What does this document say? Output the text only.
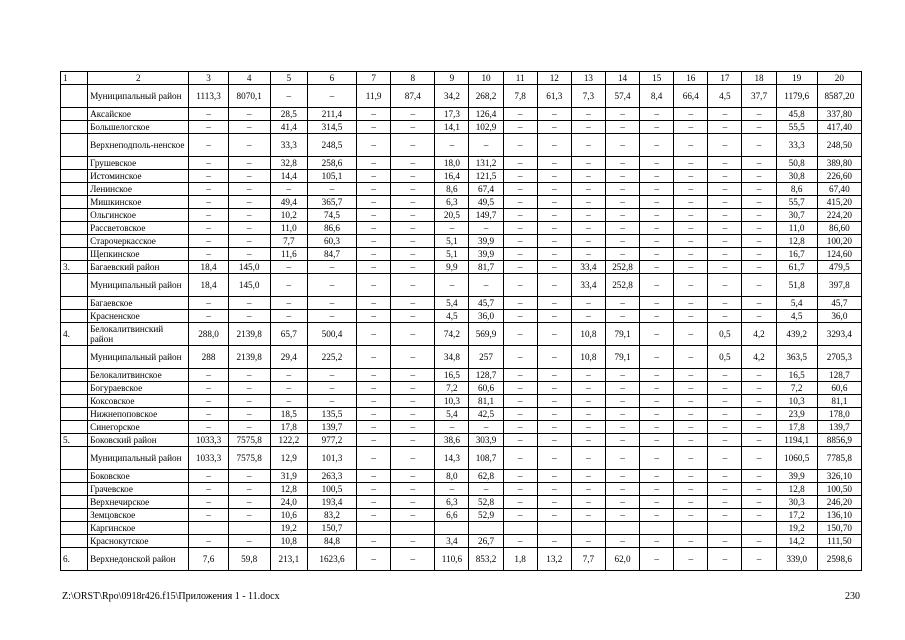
1	2	3	4	5	6	7	8	9	10	11	12	13	14	15	16	17	18	19	20
	Муниципальный район	1113,3	8070,1	–	–	11,9	87,4	34,2	268,2	7,8	61,3	7,3	57,4	8,4	66,4	4,5	37,7	1179,6	8587,20
	Аксайское	–	–	28,5	211,4	–	–	17,3	126,4	–	–	–	–	–	–	–	–	45,8	337,80
	Большелогское	–	–	41,4	314,5	–	–	14,1	102,9	–	–	–	–	–	–	–	–	55,5	417,40
	Верхнеподполь-ненское	–	–	33,3	248,5	–	–	–	–	–	–	–	–	–	–	–	–	33,3	248,50
	Грушевское	–	–	32,8	258,6	–	–	18,0	131,2	–	–	–	–	–	–	–	–	50,8	389,80
	Истоминское	–	–	14,4	105,1	–	–	16,4	121,5	–	–	–	–	–	–	–	–	30,8	226,60
	Ленинское	–	–	–	–	–	–	8,6	67,4	–	–	–	–	–	–	–	–	8,6	67,40
	Мишкинское	–	–	49,4	365,7	–	–	6,3	49,5	–	–	–	–	–	–	–	–	55,7	415,20
	Ольгинское	–	–	10,2	74,5	–	–	20,5	149,7	–	–	–	–	–	–	–	–	30,7	224,20
	Рассветовское	–	–	11,0	86,6	–	–	–	–	–	–	–	–	–	–	–	–	11,0	86,60
	Старочеркасское	–	–	7,7	60,3	–	–	5,1	39,9	–	–	–	–	–	–	–	–	12,8	100,20
	Щепкинское	–	–	11,6	84,7	–	–	5,1	39,9	–	–	–	–	–	–	–	–	16,7	124,60
3.	Багаевский район	18,4	145,0	–	–	–	–	9,9	81,7	–	–	33,4	252,8	–	–	–	–	61,7	479,5
	Муниципальный район	18,4	145,0	–	–	–	–	–	–	–	–	33,4	252,8	–	–	–	–	51,8	397,8
	Багаевское	–	–	–	–	–	–	5,4	45,7	–	–	–	–	–	–	–	–	5,4	45,7
	Красненское	–	–	–	–	–	–	4,5	36,0	–	–	–	–	–	–	–	–	4,5	36,0
4.	Белокалитвинский район	288,0	2139,8	65,7	500,4	–	–	74,2	569,9	–	–	10,8	79,1	–	–	0,5	4,2	439,2	3293,4
	Муниципальный район	288	2139,8	29,4	225,2	–	–	34,8	257	–	–	10,8	79,1	–	–	0,5	4,2	363,5	2705,3
	Белокалитвинское	–	–	–	–	–	–	16,5	128,7	–	–	–	–	–	–	–	–	16,5	128,7
	Богураевское	–	–	–	–	–	–	7,2	60,6	–	–	–	–	–	–	–	–	7,2	60,6
	Коксовское	–	–	–	–	–	–	10,3	81,1	–	–	–	–	–	–	–	–	10,3	81,1
	Нижнепоповское	–	–	18,5	135,5	–	–	5,4	42,5	–	–	–	–	–	–	–	–	23,9	178,0
	Синегорское	–	–	17,8	139,7	–	–	–	–	–	–	–	–	–	–	–	–	17,8	139,7
5.	Боковский район	1033,3	7575,8	122,2	977,2	–	–	38,6	303,9	–	–	–	–	–	–	–	–	1194,1	8856,9
	Муниципальный район	1033,3	7575,8	12,9	101,3	–	–	14,3	108,7	–	–	–	–	–	–	–	–	1060,5	7785,8
	Боковское	–	–	31,9	263,3	–	–	8,0	62,8	–	–	–	–	–	–	–	–	39,9	326,10
	Грачевское	–	–	12,8	100,5	–	–	–	–	–	–	–	–	–	–	–	–	12,8	100,50
	Верхнечирское	–	–	24,0	193,4	–	–	6,3	52,8	–	–	–	–	–	–	–	–	30,3	246,20
	Земцовское	–	–	10,6	83,2	–	–	6,6	52,9	–	–	–	–	–	–	–	–	17,2	136,10
	Каргинское			19,2	150,7													19,2	150,70
	Краснокутское	–	–	10,8	84,8	–	–	3,4	26,7	–	–	–	–	–	–	–	–	14,2	111,50
6.	Верхнедонской район	7,6	59,8	213,1	1623,6	–	–	110,6	853,2	1,8	13,2	7,7	62,0	–	–	–	–	339,0	2598,6
Z:\ORST\Rpo\0918r426.f15\Приложения 1 - 11.docx	230
